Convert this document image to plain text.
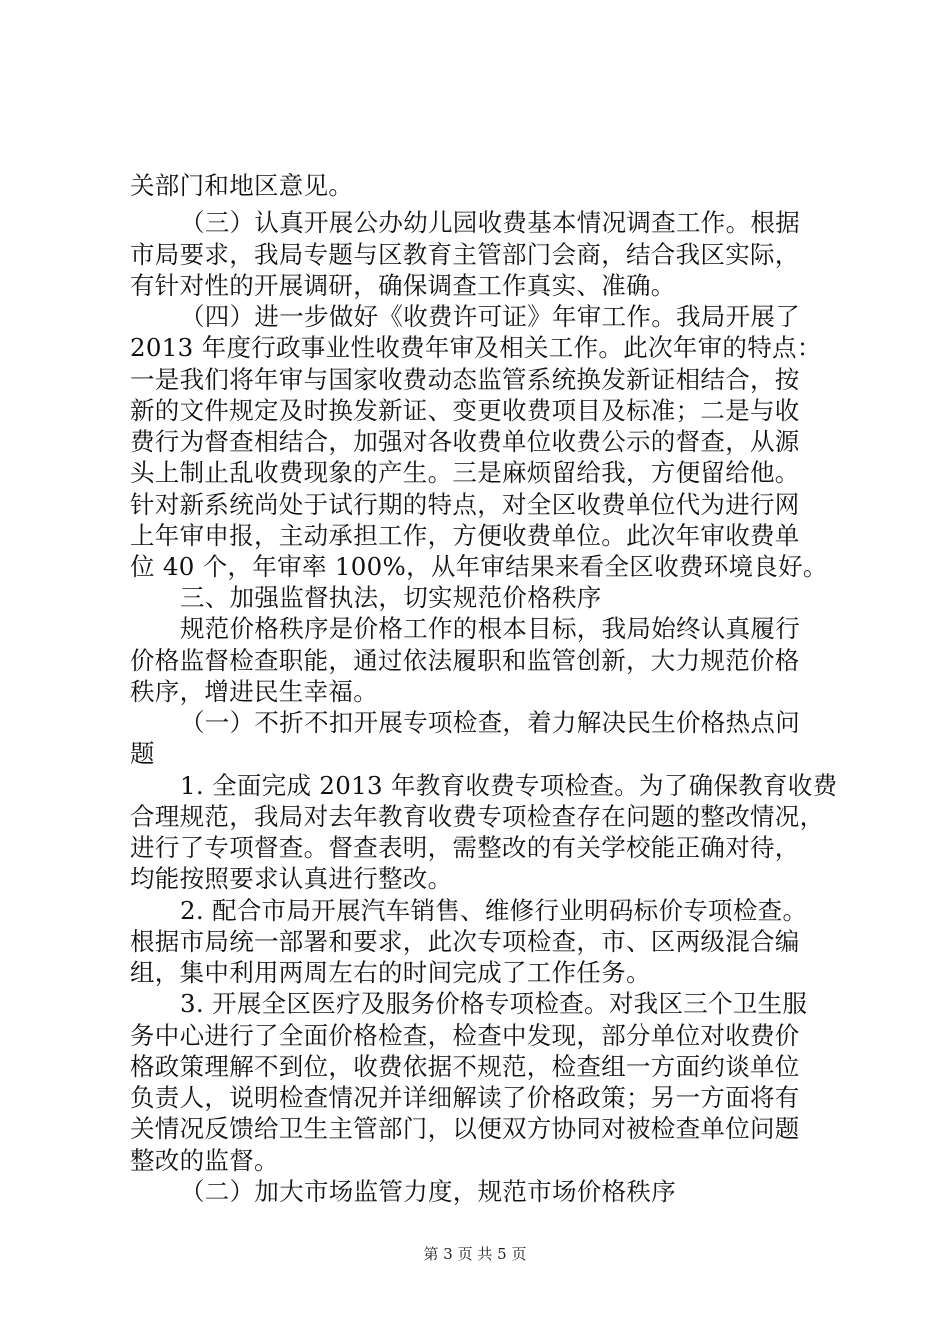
关部门和地区意见。
（三）认真开展公办幼儿园收费基本情况调查工作。根据
市局要求，我局专题与区教育主管部门会商，结合我区实际，
有针对性的开展调研，确保调查工作真实、准确。
（四）进一步做好《收费许可证》年审工作。我局开展了
2013 年度行政事业性收费年审及相关工作。此次年审的特点：
一是我们将年审与国家收费动态监管系统换发新证相结合，按
新的文件规定及时换发新证、变更收费项目及标准；二是与收
费行为督查相结合，加强对各收费单位收费公示的督查，从源
头上制止乱收费现象的产生。三是麻烦留给我，方便留给他。
针对新系统尚处于试行期的特点，对全区收费单位代为进行网
上年审申报，主动承担工作，方便收费单位。此次年审收费单
位 40 个，年审率 100%，从年审结果来看全区收费环境良好。
三、加强监督执法，切实规范价格秩序
规范价格秩序是价格工作的根本目标，我局始终认真履行
价格监督检查职能，通过依法履职和监管创新，大力规范价格
秩序，增进民生幸福。
（一）不折不扣开展专项检查，着力解决民生价格热点问
题
1. 全面完成 2013 年教育收费专项检查。为了确保教育收费
合理规范，我局对去年教育收费专项检查存在问题的整改情况，
进行了专项督查。督查表明，需整改的有关学校能正确对待，
均能按照要求认真进行整改。
2. 配合市局开展汽车销售、维修行业明码标价专项检查。
根据市局统一部署和要求，此次专项检查，市、区两级混合编
组，集中利用两周左右的时间完成了工作任务。
3. 开展全区医疗及服务价格专项检查。对我区三个卫生服
务中心进行了全面价格检查，检查中发现，部分单位对收费价
格政策理解不到位，收费依据不规范，检查组一方面约谈单位
负责人，说明检查情况并详细解读了价格政策；另一方面将有
关情况反馈给卫生主管部门，以便双方协同对被检查单位问题
整改的监督。
（二）加大市场监管力度，规范市场价格秩序
第 3 页 共 5 页
